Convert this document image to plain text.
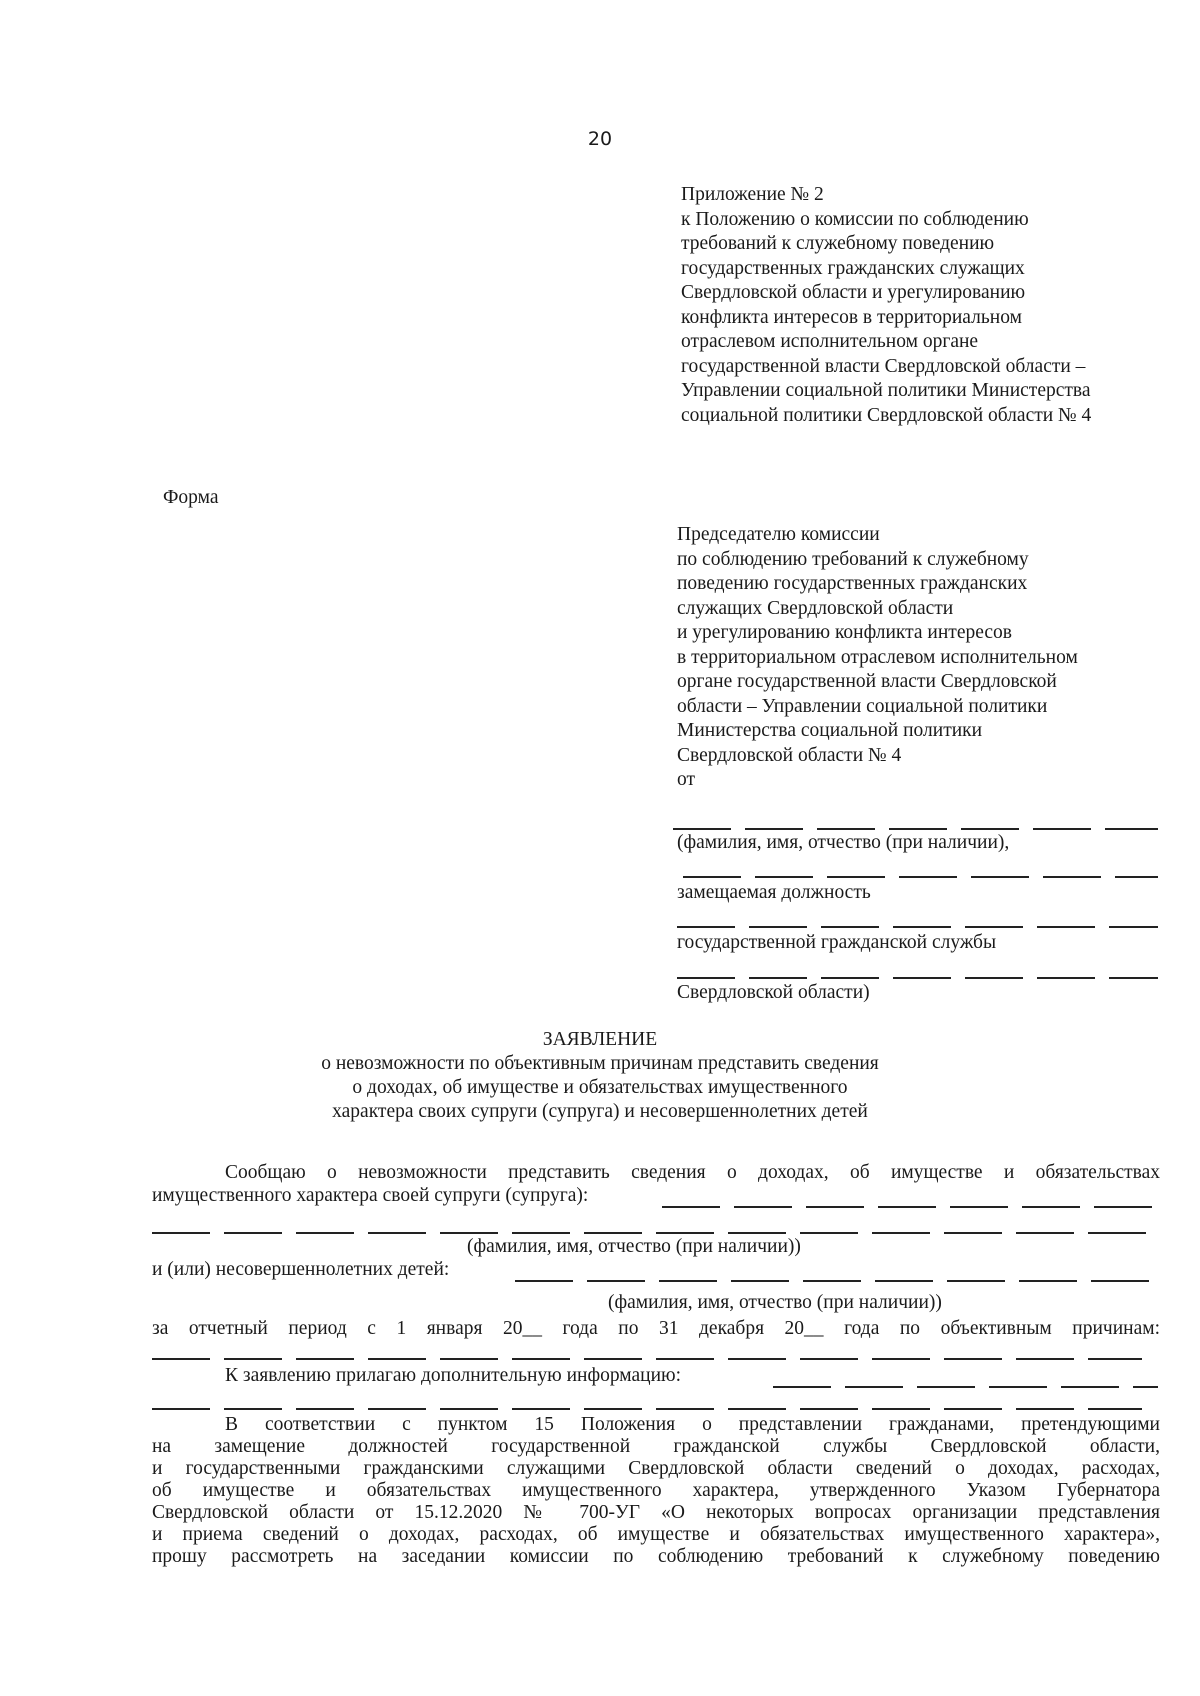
20
Приложение № 2
к Положению о комиссии по соблюдению
требований к служебному поведению
государственных гражданских служащих
Свердловской области и урегулированию
конфликта интересов в территориальном
отраслевом исполнительном органе
государственной власти Свердловской области –
Управлении социальной политики Министерства
социальной политики Свердловской области № 4
Форма
Председателю комиссии
по соблюдению требований к служебному
поведению государственных гражданских
служащих Свердловской области
и урегулированию конфликта интересов
в территориальном отраслевом исполнительном
органе государственной власти Свердловской
области – Управлении социальной политики
Министерства социальной политики
Свердловской области № 4
от
(фамилия, имя, отчество (при наличии),
замещаемая должность
государственной гражданской службы
Свердловской области)
ЗАЯВЛЕНИЕ
о невозможности по объективным причинам представить сведения
о доходах, об имуществе и обязательствах имущественного
характера своих супруги (супруга) и несовершеннолетних детей
Сообщаю о невозможности представить сведения о доходах, об имуществе и обязательствах
имущественного характера своей супруги (супруга):
(фамилия, имя, отчество (при наличии))
и (или) несовершеннолетних детей:
(фамилия, имя, отчество (при наличии))
за отчетный период с 1 января 20__ года по 31 декабря 20__ года по объективным причинам:
К заявлению прилагаю дополнительную информацию:
В соответствии с пунктом 15 Положения о представлении гражданами, претендующими
на замещение должностей государственной гражданской службы Свердловской области,
и государственными гражданскими служащими Свердловской области сведений о доходах, расходах,
об имуществе и обязательствах имущественного характера, утвержденного Указом Губернатора
Свердловской области от 15.12.2020 № 700-УГ «О некоторых вопросах организации представления
и приема сведений о доходах, расходах, об имуществе и обязательствах имущественного характера»,
прошу рассмотреть на заседании комиссии по соблюдению требований к служебному поведению
